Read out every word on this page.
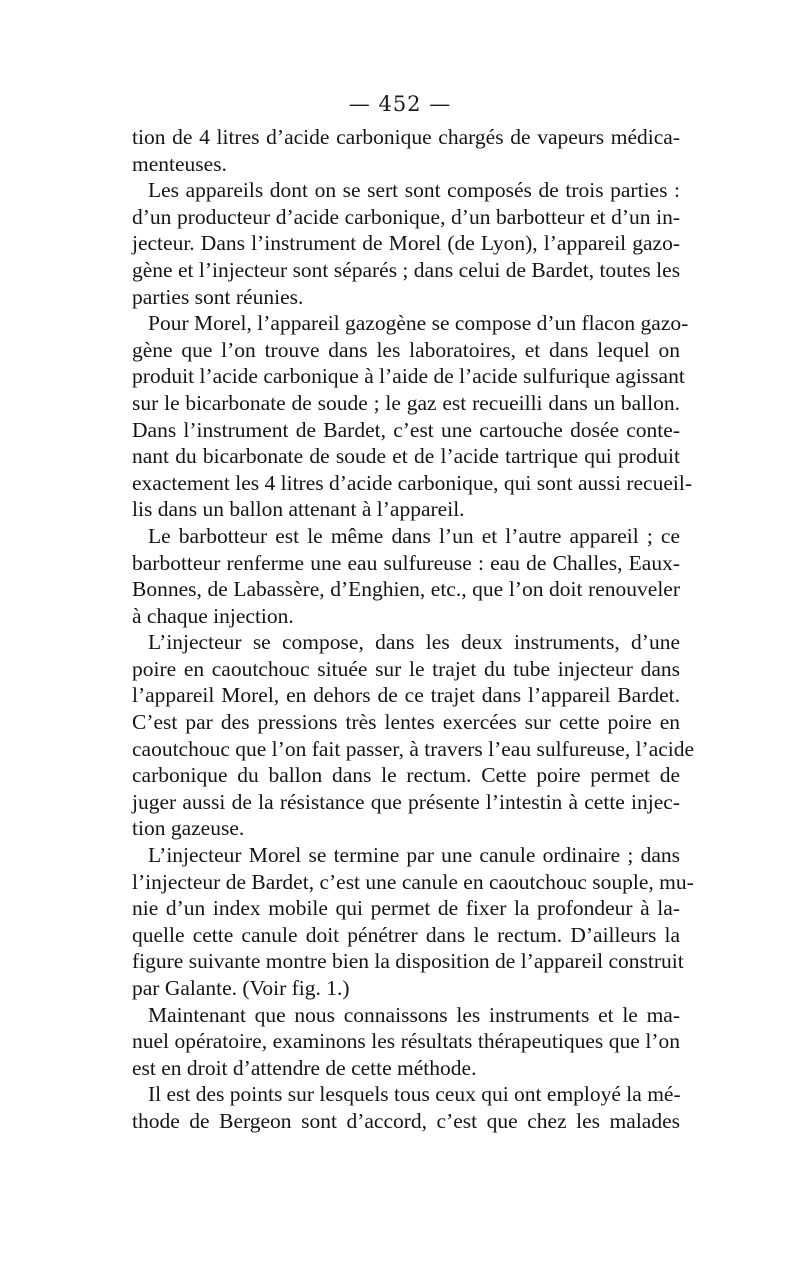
— 452 —
tion de 4 litres d’acide carbonique chargés de vapeurs médica-
menteuses.
Les appareils dont on se sert sont composés de trois parties :
d’un producteur d’acide carbonique, d’un barbotteur et d’un in-
jecteur. Dans l’instrument de Morel (de Lyon), l’appareil gazo-
gène et l’injecteur sont séparés ; dans celui de Bardet, toutes les
parties sont réunies.
Pour Morel, l’appareil gazogène se compose d’un flacon gazo-
gène que l’on trouve dans les laboratoires, et dans lequel on
produit l’acide carbonique à l’aide de l’acide sulfurique agissant
sur le bicarbonate de soude ; le gaz est recueilli dans un ballon.
Dans l’instrument de Bardet, c’est une cartouche dosée conte-
nant du bicarbonate de soude et de l’acide tartrique qui produit
exactement les 4 litres d’acide carbonique, qui sont aussi recueil-
lis dans un ballon attenant à l’appareil.
Le barbotteur est le même dans l’un et l’autre appareil ; ce
barbotteur renferme une eau sulfureuse : eau de Challes, Eaux-
Bonnes, de Labassère, d’Enghien, etc., que l’on doit renouveler
à chaque injection.
L’injecteur se compose, dans les deux instruments, d’une
poire en caoutchouc située sur le trajet du tube injecteur dans
l’appareil Morel, en dehors de ce trajet dans l’appareil Bardet.
C’est par des pressions très lentes exercées sur cette poire en
caoutchouc que l’on fait passer, à travers l’eau sulfureuse, l’acide
carbonique du ballon dans le rectum. Cette poire permet de
juger aussi de la résistance que présente l’intestin à cette injec-
tion gazeuse.
L’injecteur Morel se termine par une canule ordinaire ; dans
l’injecteur de Bardet, c’est une canule en caoutchouc souple, mu-
nie d’un index mobile qui permet de fixer la profondeur à la-
quelle cette canule doit pénétrer dans le rectum. D’ailleurs la
figure suivante montre bien la disposition de l’appareil construit
par Galante. (Voir fig. 1.)
Maintenant que nous connaissons les instruments et le ma-
nuel opératoire, examinons les résultats thérapeutiques que l’on
est en droit d’attendre de cette méthode.
Il est des points sur lesquels tous ceux qui ont employé la mé-
thode de Bergeon sont d’accord, c’est que chez les malades
